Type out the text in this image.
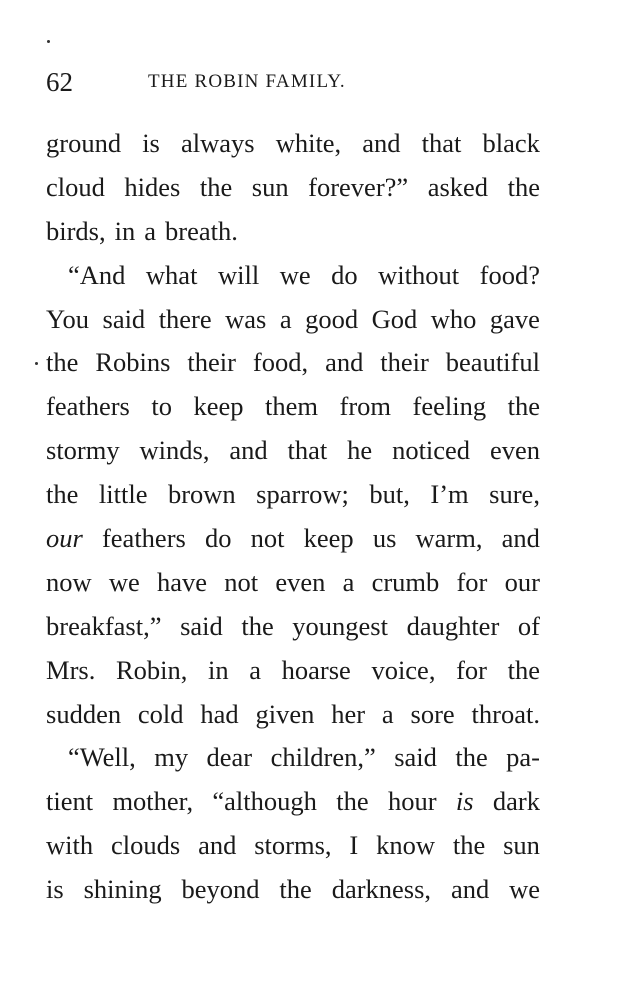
62	THE ROBIN FAMILY.
ground is always white, and that black
cloud hides the sun forever?” asked the
birds, in a breath.
“And what will we do without food?
You said there was a good God who gave
the Robins their food, and their beautiful
feathers to keep them from feeling the
stormy winds, and that he noticed even
the little brown sparrow; but, I’m sure,
our feathers do not keep us warm, and
now we have not even a crumb for our
breakfast,” said the youngest daughter of
Mrs. Robin, in a hoarse voice, for the
sudden cold had given her a sore throat.
“Well, my dear children,” said the pa-
tient mother, “although the hour is dark
with clouds and storms, I know the sun
is shining beyond the darkness, and we
